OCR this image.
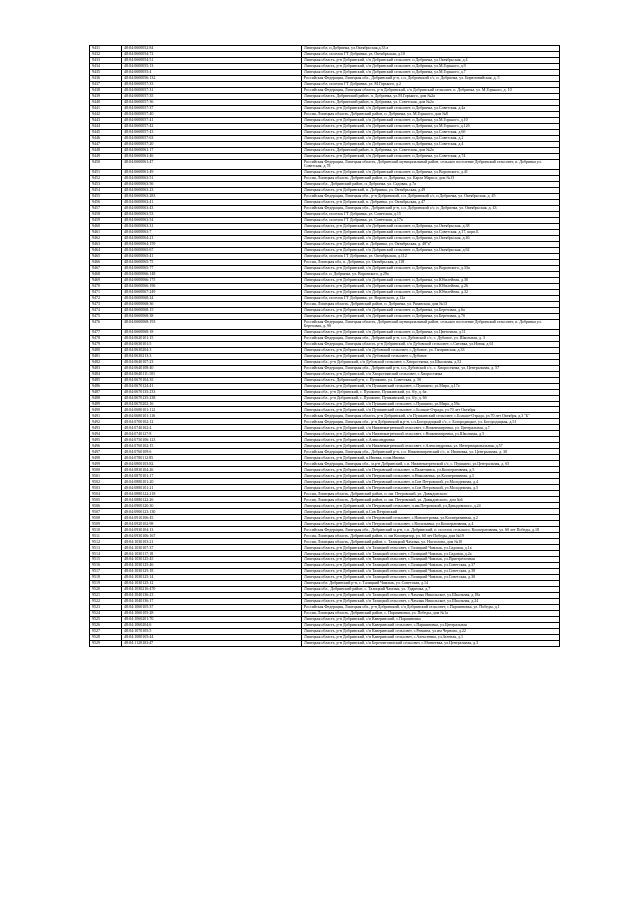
9431	48:04:0600052:84	Липецкая обл, п.Добринка, ул.Октябрьская,д.33 а
9432	48:04:0600054:72	Липецкая обл, поселок ГТ Добринка, ул. Октябрьская, д.10
9433	48:04:0600054:51	Липецкая область, р-н Добринский, с/п Добринский сельсовет, п.Добринка, ул.Октябрьская, д.4
9434	48:04:0600055:13	Липецкая область, р-н Добринский, с/п Добринский сельсовет, п.Добринка, ул.М.Горького, д.9
9435	48:04:0600055:4	Липецкая область, р-н Добринский, с/п Добринский сельсовет, п.Добринка, ул.М.Горького, д.7
9436	48:04:0600056:132	Российская Федерация, Липецкая обл., Добринский р-н, с.п. Добринский с/с, п. Добринка, ул. Бирюзовийская, д. 5
9437	48:04:0600057:33	Липецкая обл, поселок ГТ Добринка, ул. М.Горького, д.2
9438	48:04:0600057:31	Российская Федерация, Липецкая область, р-н Добринский, с/п Добринский сельсовет, п. Добринка, ул. М.Горького, д. 10
9439	48:04:0600057:35	Липецкая область, Добринский район, п. Добринка, ул.М.Горького, дом №2а
9440	48:04:0600057:36	Липецкая область, Добринский район, п. Добринка, ул. Советская, дом №2а
9441	48:04:0600057:37	Липецкая область, р-н Добринский, с/п Добринский сельсовет, п.Добринка, ул.Советская, д.4а
9442	48:04:0600057:40	Россия, Липецкая область, Добринский район, п. Добринка, ул. М.Горького, дом №8
9443	48:04:0600057:41	Липецкая область, р-н Добринский, с/п Добринский сельсовет, п.Добринка, ул.М.Горького, д.10
9444	48:04:0600057:42	Липецкая область, р-н Добринский, с/п Добринский сельсовет, п.Добринка, ул.М.Горького, д.12б
9445	48:04:0600057:43	Липецкая область, р-н Добринский, с/п Добринский сельсовет, п.Добринка, ул.Советская, д.6б
9446	48:04:0600057:63	Липецкая область, р-н Добринский, с/п Добринский сельсовет, п.Добринка, ул.Советская, д.2
9447	48:04:0600057:20	Липецкая область, р-н Добринский, с/п Добринский сельсовет, п.Добринка, ул.Советская, д.4
9448	48:04:0600061:17	Липецкая область, Добринский район, п. Добринка, ул. Советская, дом №2а
9449	48:04:0600061:46	Липецкая область, р-н Добринский, с/п Добринский сельсовет, п.Добринка, ул.Советская, д.74
9450	48:04:0600061:47	Российская Федерация, Липецкая область, Добринский муниципальный район, сельское поселение Добринский сельсовет, п. Добринка ул. Советская, д.78
9451	48:04:0600061:49	Липецкая область, р-н Добринский, с/п Добринский сельсовет, п.Добринка, ул.Воронского, д.41
9452	48:04:0600063:51	Россия, Липецкая область, Добринский район, п. Добринка, ул. Карла Маркса, дом №13
9453	48:04:0600063:56	Липецкая обл., Добринский район, п. Добринка, ул. Садовая, д.7а
9454	48:04:0600063:23	Липецкая область, р-н Добринский, п. Добринка, ул. Октябрьская, д.49
9455	48:04:0600063:283	Российская Федерация, Липецкая обл., р-н Добринский, с.п. Добринский с/с, п.Добринка, ул. Октябрьская, д. 45
9456	48:04:0600063:41	Липецкая область, р-н Добринский, п. Добринка, ул. Октябрьская, д.47
9457	48:04:0600063:43	Российская Федерация, Липецкая обл., Добринский р-н, с.п. Добринский с/с, п. Добринка, ул. Октябрьская, д. 43
9458	48:04:0600063:53	Липецкая обл, поселок ГТ Добринка, ул. Советская, д.15
9459	48:04:0600063:54	Липецкая обл, поселок ГТ Добринка, ул. Советская, д.17а
9460	48:04:0600063:31	Липецкая область, р-н Добринский, с/п Добринский сельсовет, п.Добринка, ул.Октябрьская, д.38
9461	48:04:0600063:7	Липецкая область, р-н Добринский, с/п Добринский сельсовет, п.Добринка, ул.Советская, д.17, корп.Б
9462	48:04:0600064:21	Липецкая область, р-н Добринский, с/п Добринский сельсовет, п.Добринка, ул.Октябрьская, д.46
9463	48:04:0600064:159	Липецкая область, р-н Добринский, п. Добринка, ул. Октябрьская, д. 48"а"
9464	48:04:0600065:67	Липецкая область, р-н Добринский, с/п Добринский сельсовет, п.Добринка, ул.Октябрьская, д.62
9465	48:04:0600065:41	Липецкая обл, поселок ГТ Добринка, ул. Октябрьская, д.112
9466	48:04:0600065:75	Россия, Липецкая обл, п. Добринка, ул. Октябрьская, д.118
9467	48:04:0600065:77	Липецкая область, р-н Добринский, с/п Добринский сельсовет, п.Добринка, ул.Воронского, д.33а
9468	48:04:0600066:148	Липецкая обл. п. Добринка, ул. Воронского, д.29а
9469	48:04:0600066:175	Липецкая область, р-н Добринский, с/п Добринский сельсовет, п.Добринка, ул.Юбилейная, д.30
9470	48:04:0600066:196	Липецкая область, р-н Добринский, с/п Добринский сельсовет, п.Добринка, ул.Юбилейная, д.26
9471	48:04:0600067:249	Липецкая область, р-н Добринский, с/п Добринский сельсовет, п.Добринка, ул.Юбилейная, д.32
9472	48:04:0600068:24	Липецкая обл, поселок ГТ Добринка, ул. Воронского, д.12а
9473	48:04:0600068:36	Россия, Липецкая область, Добринский район, п. Добринка, ул. Рязанская, дом №13
9474	48:04:0600068:15	Липецкая область, р-н Добринский, с/п Добринский сельсовет, п.Добринка, ул.Березовая, д.6а
9475	48:04:0600068:38	Липецкая область, р-н Добринский, с/п Добринский сельсовет, п.Добринка, ул.Березовая, д.7б
9476	48:04:0600068:193	Российская Федерация, Липецкая область, Добринский муниципальный район, сельское поселение Добринский сельсовет, п. Добринка ул. Березовая, д. 9б
9477	48:04:0600068:18	Липецкая область, р-н Добринский, с/п Добринский сельсовет, п.Добринка, ул.Цветочная, д.11
9478	48:04:0620101:15	Российская Федерация, Липецкая обл., Добринский р-н, с.п. Дубовской с/с, с. Дубовое, ул. Школьная, д. 3
9479	48:04:0630101:5	Российская Федерация, Липецкая область, р-н Добринский, с/п Дубовской сельсовет, с.Ситовка, ул.Новая, д.61
9480	48:04:0630204:3	Липецкая область, р-н Добринский, с/п Дубовской сельсовет, с.Дубовое, ул. Гагаринская, д.33
9481	48:04:0630213:3	Липецкая область, р-н Добринский, с/п Дубовской сельсовет, с.Дубовое
9482	48:04:0640107:23	Липецкая обл., р-н Добринский, с/п Дубовской сельсовет, с.Хворостянка, ул.Школьная, д.52
9483	48:04:0640108:40	Российская Федерация, Липецкая обл., Добринский р-н, с.п. Дубовской с/с, с. Хворостянка, ул. Центральная, д. 57
9484	48:04:0640111:101	Липецкая область, р-н Добринский, с/п Хворостянский сельсовет, с.Хворостянка
9485	48:04:0670104:35	Липецкая область, Добринский р-н, с. Пушкино, ул. Советская, д. 5б
9486	48:04:0670124:41	Липецкая область, р-н Добринский, с/п Пушкинский сельсовет, с.Пушкино, ул.Мира, д.17а
9487	48:04:0670135:233	Липецкая обл., р-н Добринский, с. Пушкино, Пушкинский, ул. б/у, д. 6а
9488	48:04:0670135:238	Липецкая обл., р-н Добринский, с. Пушкино, Пушкинский, ул. б/у, д. 6б
9489	48:04:0670202:16	Липецкая область, р-н Добринский, с/п Пушкинский сельсовет, с.Пушкино, ул.Мира, д.59а
9490	48:04:0680101:112	Липецкая область, р-н Добринский, с/п Пушкинский сельсовет, с.Больше-Отрада, ул.70 лет Октября
9491	48:04:0680101:116	Российская Федерация, Липецкая область, р-н Добринский, с/п Пушкинский сельсовет, с.Больше-Отрада, ул.70 лет Октября, д.3 "Б"
9492	48:04:0700102:12	Российская Федерация, Липецкая обл., р-н Добринский м.р-н, с.п.Богородицкий с/с, с. Богородицкое, ул. Богородицкая, д.51
9493	48:04:0740102:4	Липецкая область, р-н Добринский, с/п Нижнематренский сельсовет, с.Нижнематренка, ул. Центральная, д.7
9494	48:04:0740127:8	Липецкая область, р-н Добринский, с/п Нижнематренский сельсовет, с.Нижнематренка, ул.Школьная, д.5
9495	48:04:0750106:123	Липецкая область, р-н Добринский, с.Александровка
9496	48:04:0760102:15	Липецкая область, р-н Добринский, с/п Нижнематренский сельсовет, с.Александровка, ул. Интернациональная, д.57
9497	48:04:0760109:6	Российская Федерация, Липецкая обл., Добринский р-н, с.п. Нижнематренский с/с, п. Ивановка, ул. Центральная, д. 30
9498	48:04:0780112:85	Липецкая область, р-н Добринский, п.Ивовка, п.им.Ивовка
9499	48:04:0800103:82	Российская Федерация, Липецкая обл., м.р-н Добринский, с.п. Нижнематренский с/с, с. Пушкино, ул.Центральная, д. 65
9500	48:04:0830104:26	Липецкая область, р-н Добринский, с/п Петровский сельсовет, п.Палатчинск, ул.Кооперативная, д.5
9501	48:04:0870101:17	Липецкая область, р-н Добринский, с/п Петровский сельсовет, п.Николаевка, ул.Кооперативная, д.5
9502	48:04:0880101:20	Липецкая область, р-н Добринский, с/п Петровский сельсовет, п.Сов Петровский, ул.Молодежная, д.4
9503	48:04:0880101:21	Липецкая область, р-н Добринский, с/п Петровский сельсовет, п.Сов Петровский, ул.Молодежная, д.5
9504	48:04:0880122:218	Россия, Липецкая область, Добринский район, п. им. Петровский, ул. Давыдовского
9505	48:04:0880122:26	Россия, Липецкая область, Добринский район, п. им. Петровский, ул. Давыдовского, дом №6
9506	48:04:0900120:30	Липецкая область, р-н Добринский, с/п Петровский сельсовет, п.им.Петровский, ул.Давыдовского, д.24
9507	48:04:0900123:130	Липецкая область, р-н Добринский, п.Сов Петровский
9508	48:04:0910106:45	Липецкая область, р-н Добринский, с/п Петровский сельсовет, с.Новопетровка, ул.Кооперативная, д.2
9509	48:04:0920102:98	Липецкая область, р-н Добринский, с/п Петровский сельсовет, с.Васильевка, ул.Кооперативная, д.4
9510	48:04:0930104:13	Российская Федерация, Липецкая обл., Добринский м.р-н, с.п. Добринский, п. поселок сельского, Кооперативная, ул. 60 лет Победы, д.18
9511	48:04:0930106:167	Россия, Липецкая область, Добринский район, п. им Кооператор, ул. 60 лет Победы, дом №19
9512	48:04:1030103:21	Россия, Липецкая область, Добринский район, с. Талицкий Чамлык, ул. Настолова, дом №10
9513	48:04:1030107:37	Липецкая область, р-н Добринский, с/п Талицкий сельсовет, с.Талицкий Чамлык, ул.Садовая, д.1а
9514	48:04:1030117:18	Липецкая область, р-н Добринский, с/п Талицкий сельсовет, с.Талицкий Чамлык, ул.Садовая, д.2а
9515	48:04:1030125:45	Липецкая область, р-н Добринский, с/п Талицкий сельсовет, с.Талицкий Чамлык, ул.Пристрелочная
9516	48:04:1030125:46	Липецкая область, р-н Добринский, с/п Талицкий сельсовет, с.Талицкий Чамлык, ул.Советская, д.37
9517	48:04:1030125:18	Липецкая область, р-н Добринский, с/п Талицкий сельсовет, с.Талицкий Чамлык, ул.Советская, д.38
9518	48:04:1030125:14	Липецкая область, р-н Добринский, с/п Талицкий сельсовет, с.Талицкий Чамлык, ул.Советская, д.30
9519	48:04:1030125:12	Липецкая обл. Добринский р-н, с. Талицкий Чамлык, ул. Советская, д.14
9520	48:04:1030216:470	Липецкая обл., Добринский район, с. Талицкий Чамлык, ул. Ударника, д.7
9521	48:04:1040136:23	Липецкая область, р-н Добринский, с/п Талицкий сельсовет, с.Чамлык Никольское, ул.Школьная, д.18а
9522	48:04:1040136:17	Липецкая область, р-н Добринский, с/п Талицкий сельсовет, с.Чамлык Никольское, ул.Школьная, д.24
9523	48:04:1060105:37	Российская Федерация, Липецкая обл., р-н Добринский, с/п Добринский сельсовет, с.Паршиновка, ул. Победы, д.1
9524	48:04:1060105:28	Россия, Липецкая область, Добринский район, с. Паршиновка, ул. Победы, дом №1а
9525	48:04:1060201:70	Липецкая область, р-н Добринский, с/п Каверинский, с.Паршиновка
9526	48:04:1060204:6	Липецкая область, р-н Добринский, с/п Каверинский сельсовет, с.Паршиновка, ул.Центральная
9527	48:04:1070105:5	Липецкая область, р-н Добринский, с/п Каверинский сельсовет, с.Ревкина, ул.им Чернова, д.22
9528	48:04:1080105:44	Липецкая область, р-н Добринский, с/п Каверинский сельсовет, с.Алексеевка, ул.Зеленая, д.1
9529	48:04:1120103:47	Липецкая область, р-н Добринский, с/п Березнеговатский сельсовет, с.Матвеевка, ул.Центральная, д.3
